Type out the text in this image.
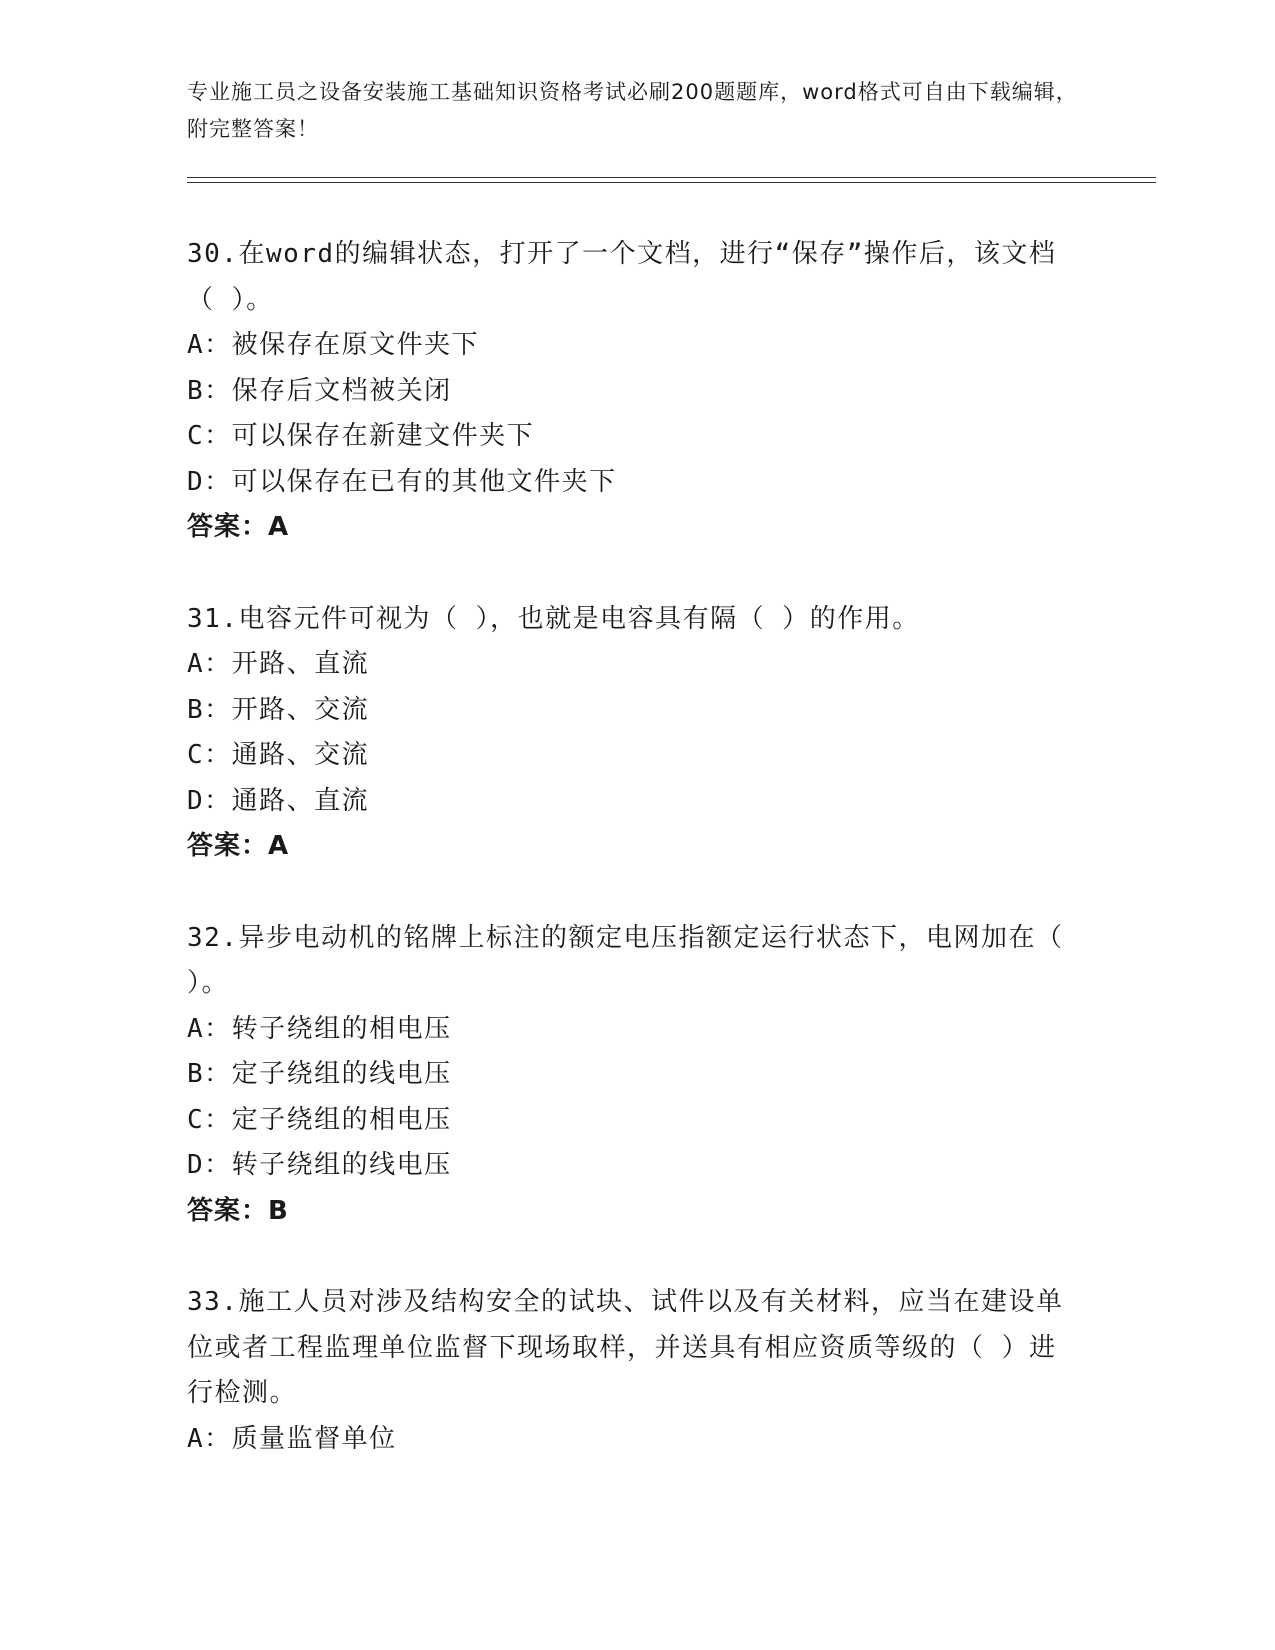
专业施工员之设备安装施工基础知识资格考试必刷200题题库，word格式可自由下载编辑，附完整答案！
30.在word的编辑状态，打开了一个文档，进行“保存”操作后，该文档（ ）。
A：被保存在原文件夹下
B：保存后文档被关闭
C：可以保存在新建文件夹下
D：可以保存在已有的其他文件夹下
答案：A
31.电容元件可视为（ ），也就是电容具有隔（ ）的作用。
A：开路、直流
B：开路、交流
C：通路、交流
D：通路、直流
答案：A
32.异步电动机的铭牌上标注的额定电压指额定运行状态下，电网加在（ ）。
A：转子绕组的相电压
B：定子绕组的线电压
C：定子绕组的相电压
D：转子绕组的线电压
答案：B
33.施工人员对涉及结构安全的试块、试件以及有关材料，应当在建设单位或者工程监理单位监督下现场取样，并送具有相应资质等级的（ ）进行检测。
A：质量监督单位
